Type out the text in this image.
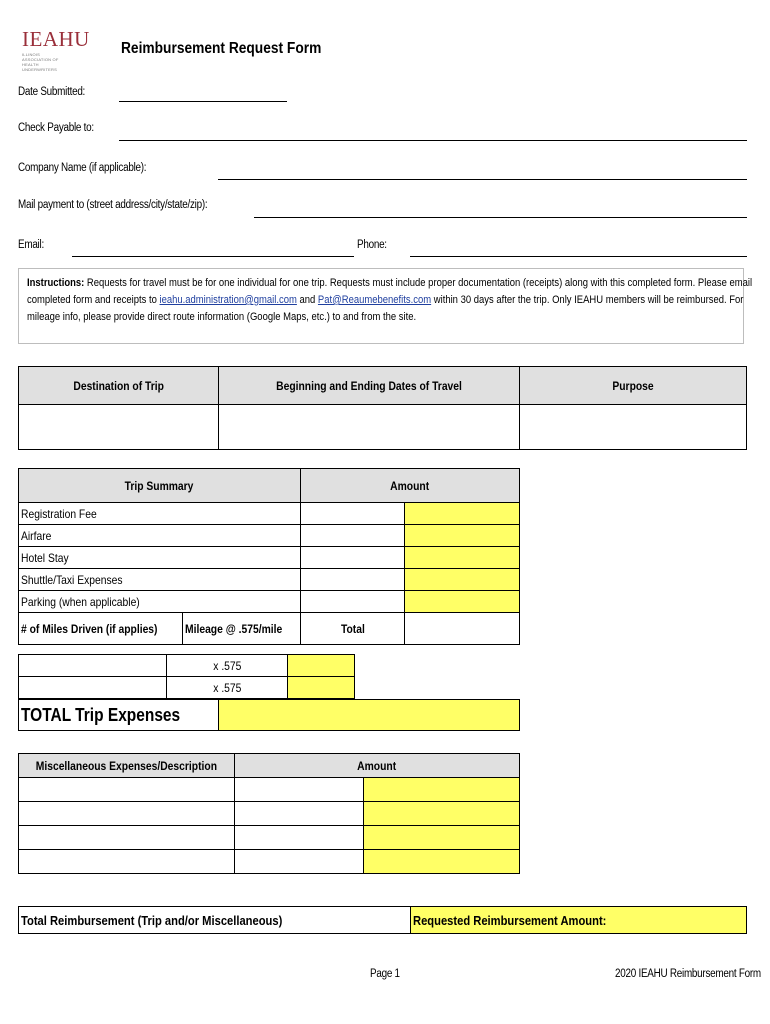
IEAHU
ILLINOIS ASSOCIATION OF HEALTH UNDERWRITERS
Reimbursement Request Form
Date Submitted:
Check Payable to:
Company Name (if applicable):
Mail payment to (street address/city/state/zip):
Email:	Phone:
Instructions: Requests for travel must be for one individual for one trip. Requests must include proper documentation (receipts) along with this completed form. Please email completed form and receipts to ieahu.administration@gmail.com and Pat@Reaumebenefits.com within 30 days after the trip. Only IEAHU members will be reimbursed. For mileage info, please provide direct route information (Google Maps, etc.) to and from the site.
Destination of Trip	Beginning and Ending Dates of Travel	Purpose

Trip Summary		Amount	
Registration Fee			
Airfare			
Hotel Stay			
Shuttle/Taxi Expenses			
Parking (when applicable)			
# of Miles Driven (if applies)	Mileage @ .575/mile	Total	
	x .575	
	x .575	
TOTAL Trip Expenses	
Miscellaneous Expenses/Description	Amount	

Total Reimbursement (Trip and/or Miscellaneous)	Requested Reimbursement Amount:
Page 1	2020 IEAHU Reimbursement Form
